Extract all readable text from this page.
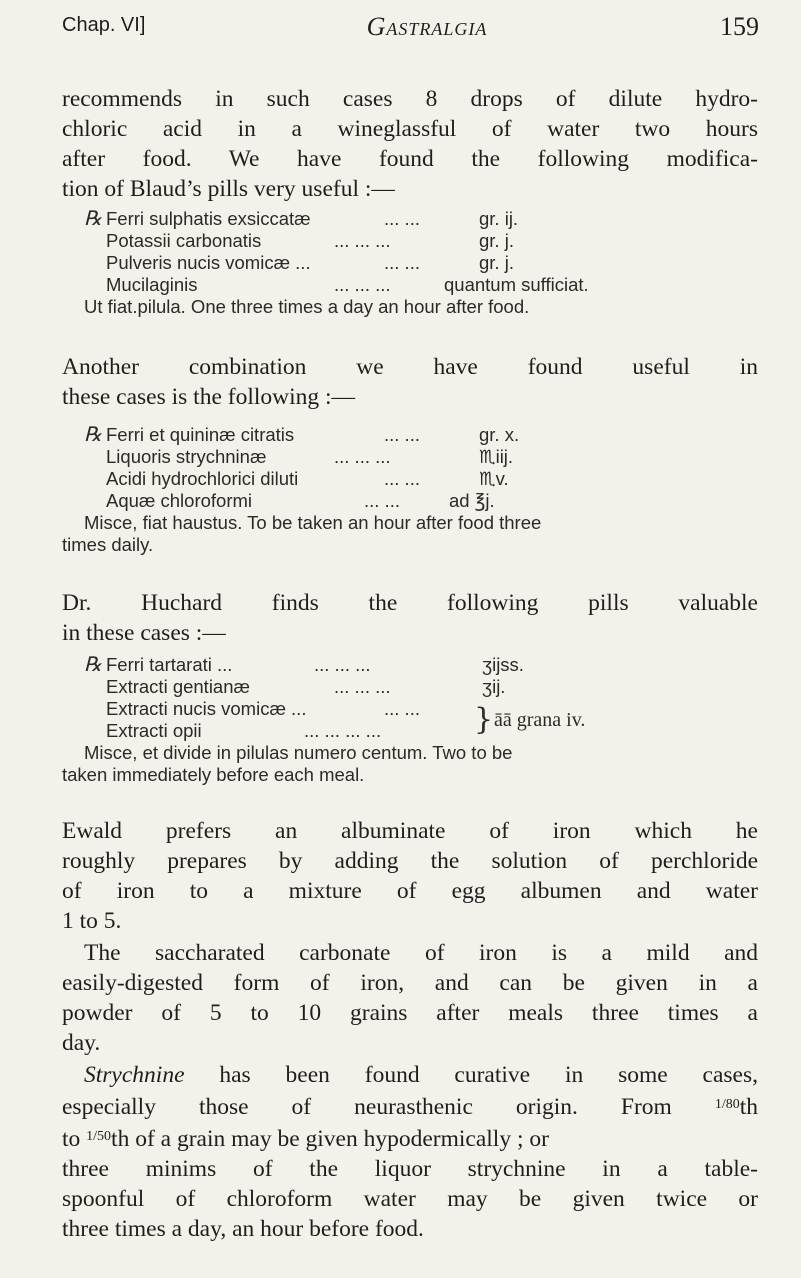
Chap. VI]	Gastralgia	159
recommends in such cases 8 drops of dilute hydro-
chloric acid in a wineglassful of water two hours
after food. We have found the following modifica-
tion of Blaud’s pills very useful :—
℞ Ferri sulphatis exsiccatæ	... ...	gr. ij.
Potassii carbonatis	... ... ...	gr. j.
Pulveris nucis vomicæ ...	... ...	gr. j.
Mucilaginis	... ... ...	quantum sufficiat.
Ut fiat.pilula. One three times a day an hour after food.
Another combination we have found useful in
these cases is the following :—
℞ Ferri et quininæ citratis	... ...	gr. x.
Liquoris strychninæ	... ... ...	♏iij.
Acidi hydrochlorici diluti	... ...	♏v.
Aquæ chloroformi	... ...	ad ℥j.
Misce, fiat haustus. To be taken an hour after food three
times daily.
Dr. Huchard finds the following pills valuable
in these cases :—
℞ Ferri tartarati ...	... ... ...	ʒijss.
Extracti gentianæ	... ... ...	ʒij.
Extracti nucis vomicæ ...	... ...
Extracti opii	... ... ... ...	} āā grana iv.
Misce, et divide in pilulas numero centum. Two to be
taken immediately before each meal.
Ewald prefers an albuminate of iron which he
roughly prepares by adding the solution of perchloride
of iron to a mixture of egg albumen and water
1 to 5.
The saccharated carbonate of iron is a mild and
easily-digested form of iron, and can be given in a
powder of 5 to 10 grains after meals three times a
day.
Strychnine has been found curative in some cases,
especially those of neurasthenic origin. From	$^{1/80}$th
to $^{1/50}$th of a grain may be given hypodermically ; or
three minims of the liquor strychnine in a table-
spoonful of chloroform water may be given twice or
three times a day, an hour before food.
